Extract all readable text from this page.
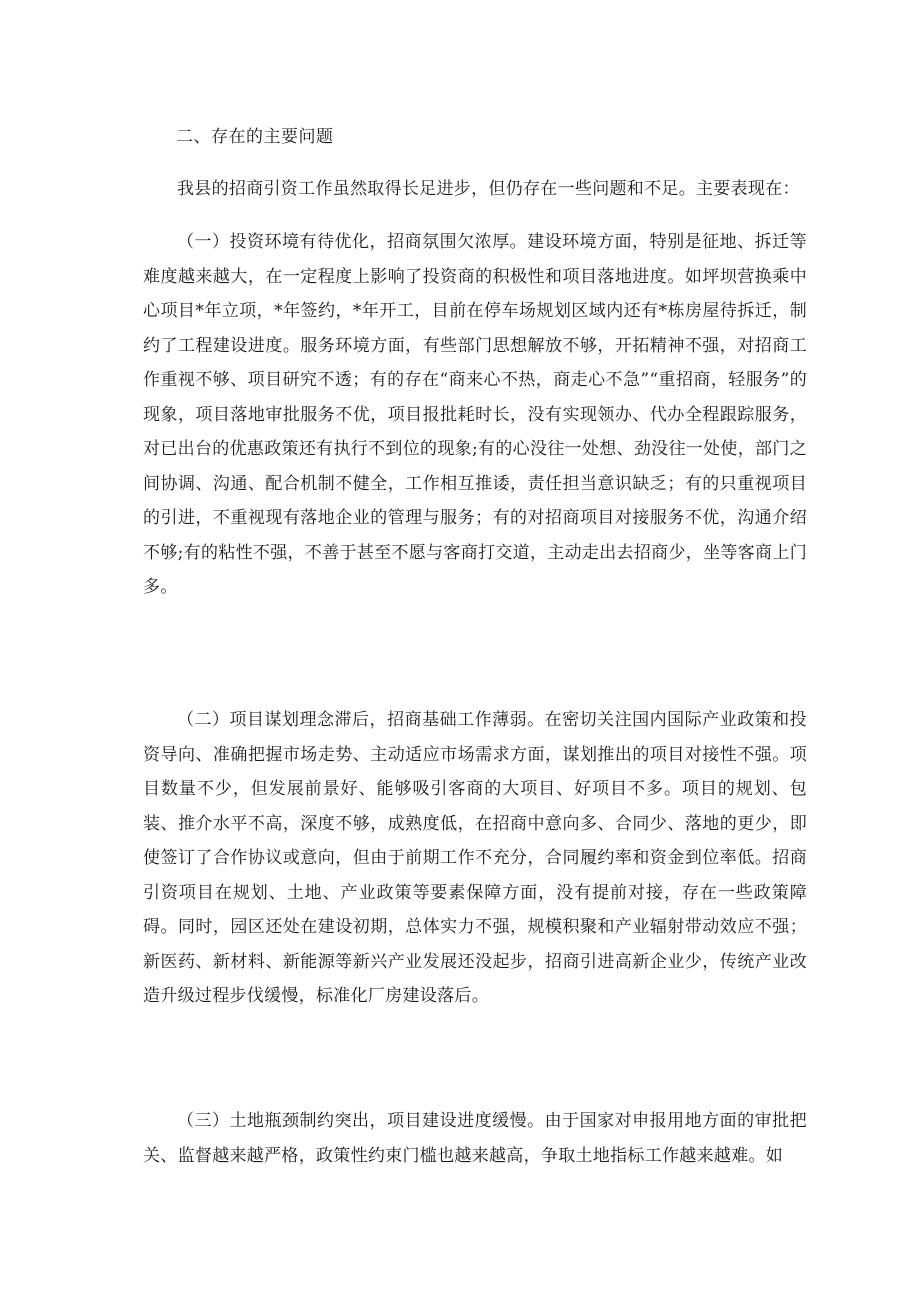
二、存在的主要问题

我县的招商引资工作虽然取得长足进步，但仍存在一些问题和不足。主要表现在：

（一）投资环境有待优化，招商氛围欠浓厚。建设环境方面，特别是征地、拆迁等难度越来越大，在一定程度上影响了投资商的积极性和项目落地进度。如坪坝营换乘中心项目*年立项，*年签约，*年开工，目前在停车场规划区域内还有*栋房屋待拆迁，制约了工程建设进度。服务环境方面，有些部门思想解放不够，开拓精神不强，对招商工作重视不够、项目研究不透；有的存在“商来心不热，商走心不急”“重招商，轻服务”的现象，项目落地审批服务不优，项目报批耗时长，没有实现领办、代办全程跟踪服务，对已出台的优惠政策还有执行不到位的现象;有的心没往一处想、劲没往一处使，部门之间协调、沟通、配合机制不健全，工作相互推诿，责任担当意识缺乏；有的只重视项目的引进，不重视现有落地企业的管理与服务；有的对招商项目对接服务不优，沟通介绍不够;有的粘性不强，不善于甚至不愿与客商打交道，主动走出去招商少，坐等客商上门多。

（二）项目谋划理念滞后，招商基础工作薄弱。在密切关注国内国际产业政策和投资导向、准确把握市场走势、主动适应市场需求方面，谋划推出的项目对接性不强。项目数量不少，但发展前景好、能够吸引客商的大项目、好项目不多。项目的规划、包装、推介水平不高，深度不够，成熟度低，在招商中意向多、合同少、落地的更少，即使签订了合作协议或意向，但由于前期工作不充分，合同履约率和资金到位率低。招商引资项目在规划、土地、产业政策等要素保障方面，没有提前对接，存在一些政策障碍。同时，园区还处在建设初期，总体实力不强，规模积聚和产业辐射带动效应不强；新医药、新材料、新能源等新兴产业发展还没起步，招商引进高新企业少，传统产业改造升级过程步伐缓慢，标准化厂房建设落后。

（三）土地瓶颈制约突出，项目建设进度缓慢。由于国家对申报用地方面的审批把关、监督越来越严格，政策性约束门槛也越来越高，争取土地指标工作越来越难。如
